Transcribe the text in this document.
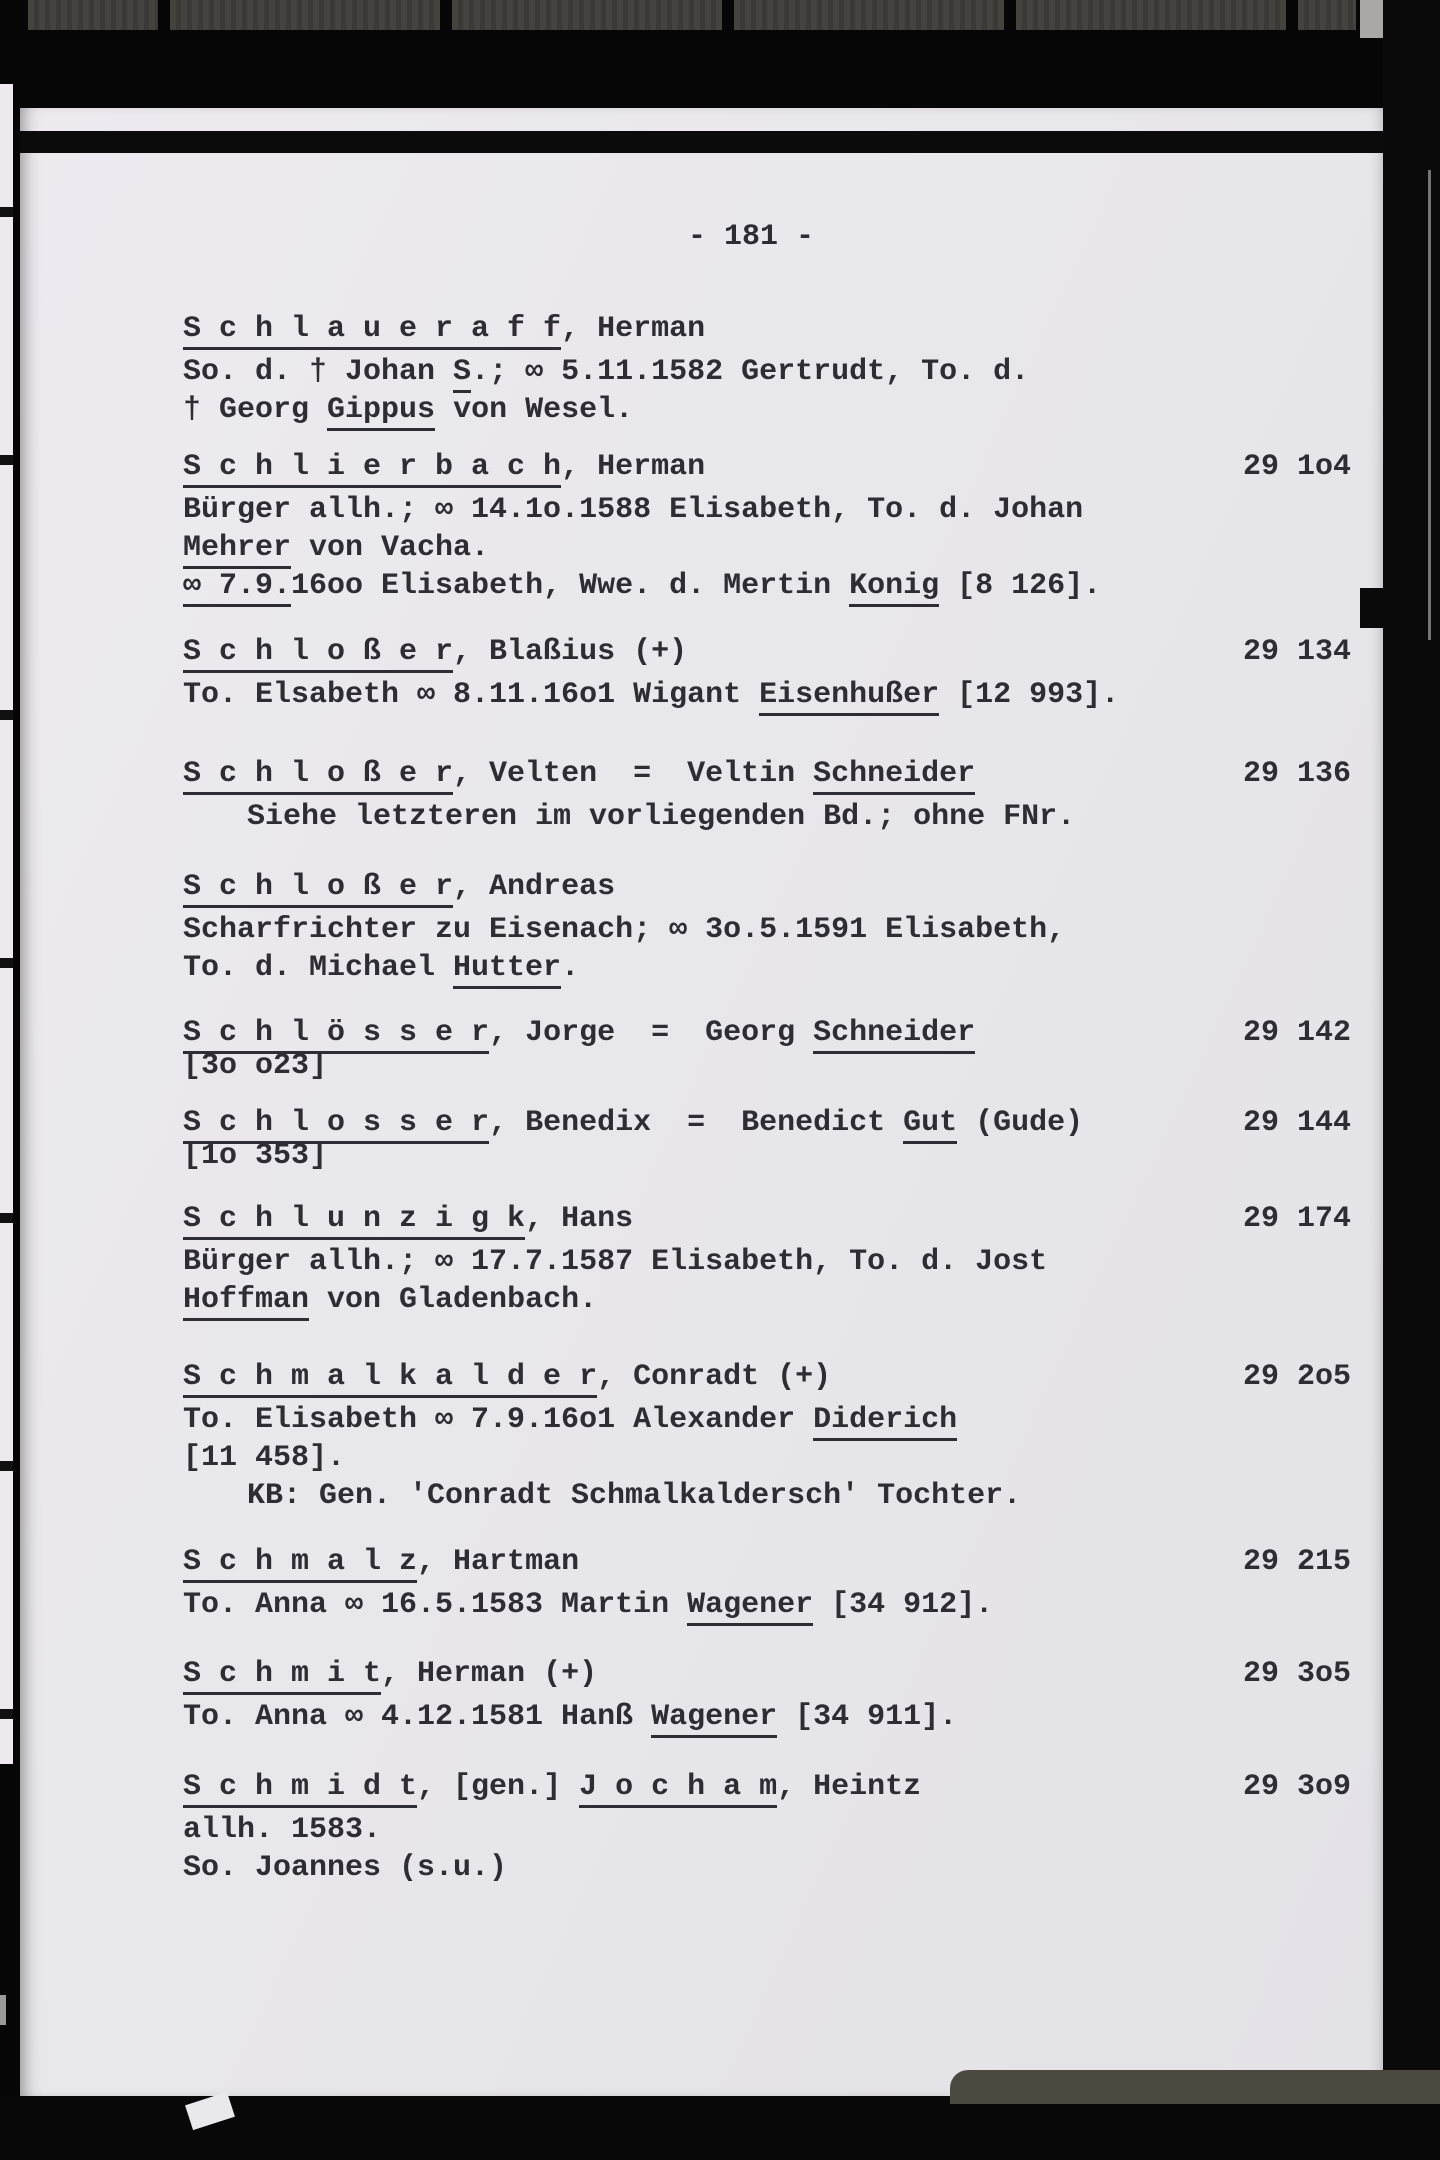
- 181 -
S c h l a u e r a f f, Herman
So. d. † Johan S.; ∞ 5.11.1582 Gertrudt, To. d.
† Georg Gippus von Wesel.
S c h l i e r b a c h, Herman	29 1o4
Bürger allh.; ∞ 14.1o.1588 Elisabeth, To. d. Johan
Mehrer von Vacha.
∞ 7.9.16oo Elisabeth, Wwe. d. Mertin Konig [8 126].
S c h l o ß e r, Blaßius (+)	29 134
To. Elsabeth ∞ 8.11.16o1 Wigant Eisenhußer [12 993].
S c h l o ß e r, Velten  =  Veltin Schneider	29 136
Siehe letzteren im vorliegenden Bd.; ohne FNr.
S c h l o ß e r, Andreas
Scharfrichter zu Eisenach; ∞ 3o.5.1591 Elisabeth,
To. d. Michael Hutter.
S c h l ö s s e r, Jorge  =  Georg Schneider	29 142
[3o o23]
S c h l o s s e r, Benedix  =  Benedict Gut (Gude)	29 144
[1o 353]
S c h l u n z i g k, Hans	29 174
Bürger allh.; ∞ 17.7.1587 Elisabeth, To. d. Jost
Hoffman von Gladenbach.
S c h m a l k a l d e r, Conradt (+)	29 2o5
To. Elisabeth ∞ 7.9.16o1 Alexander Diderich
[11 458].
KB: Gen. 'Conradt Schmalkaldersch' Tochter.
S c h m a l z, Hartman	29 215
To. Anna ∞ 16.5.1583 Martin Wagener [34 912].
S c h m i t, Herman (+)	29 3o5
To. Anna ∞ 4.12.1581 Hanß Wagener [34 911].
S c h m i d t, [gen.] J o c h a m, Heintz	29 3o9
allh. 1583.
So. Joannes (s.u.)
